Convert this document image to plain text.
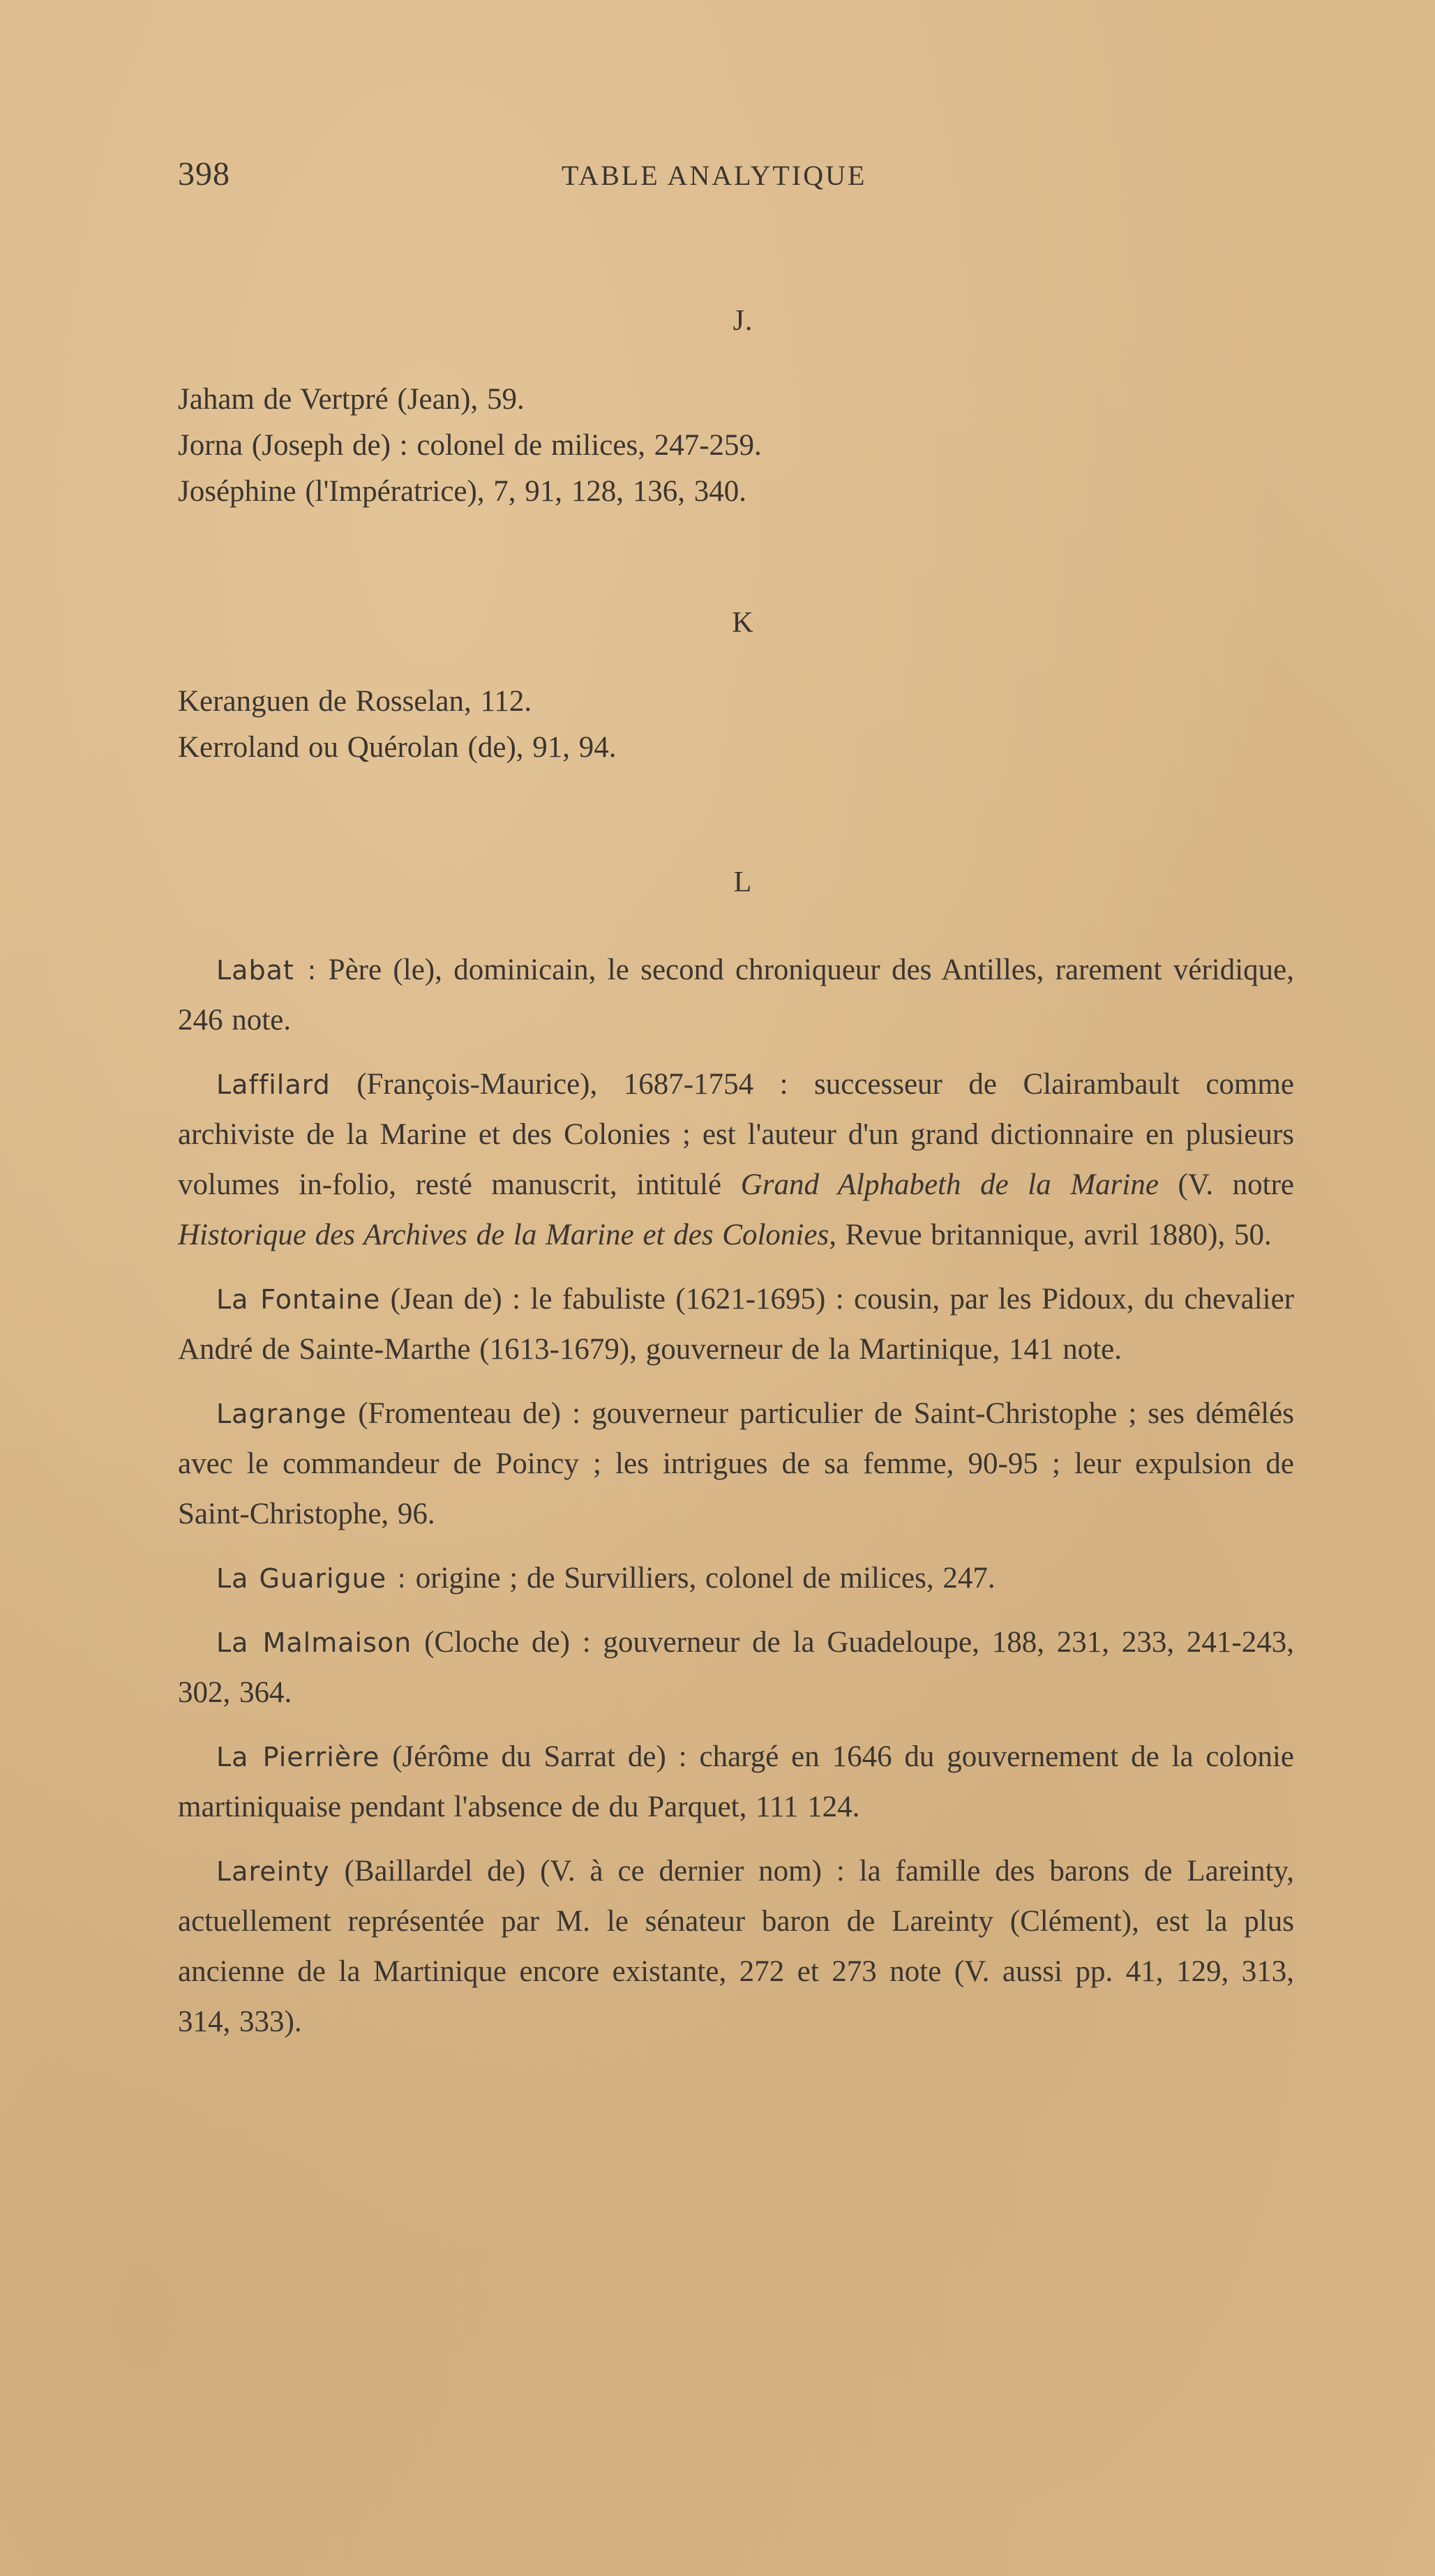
398	TABLE ANALYTIQUE
J.
Jaham de Vertpré (Jean), 59.
Jorna (Joseph de) : colonel de milices, 247-259.
Joséphine (l'Impératrice), 7, 91, 128, 136, 340.
K
Keranguen de Rosselan, 112.
Kerroland ou Quérolan (de), 91, 94.
L

Labat : Père (le), dominicain, le second chroniqueur des Antilles, rarement véridique, 246 note.

Laffilard (François-Maurice), 1687-1754 : successeur de Clairambault comme archiviste de la Marine et des Colonies ; est l'auteur d'un grand dictionnaire en plusieurs volumes in-folio, resté manuscrit, intitulé Grand Alphabeth de la Marine (V. notre Historique des Archives de la Marine et des Colonies, Revue britannique, avril 1880), 50.

La Fontaine (Jean de) : le fabuliste (1621-1695) : cousin, par les Pidoux, du chevalier André de Sainte-Marthe (1613-1679), gouverneur de la Martinique, 141 note.

Lagrange (Fromenteau de) : gouverneur particulier de Saint-Christophe ; ses démêlés avec le commandeur de Poincy ; les intrigues de sa femme, 90-95 ; leur expulsion de Saint-Christophe, 96.

La Guarigue : origine ; de Survilliers, colonel de milices, 247.

La Malmaison (Cloche de) : gouverneur de la Guadeloupe, 188, 231, 233, 241-243, 302, 364.

La Pierrière (Jérôme du Sarrat de) : chargé en 1646 du gouvernement de la colonie martiniquaise pendant l'absence de du Parquet, 111 124.

Lareinty (Baillardel de) (V. à ce dernier nom) : la famille des barons de Lareinty, actuellement représentée par M. le sénateur baron de Lareinty (Clément), est la plus ancienne de la Martinique encore existante, 272 et 273 note (V. aussi pp. 41, 129, 313, 314, 333).
